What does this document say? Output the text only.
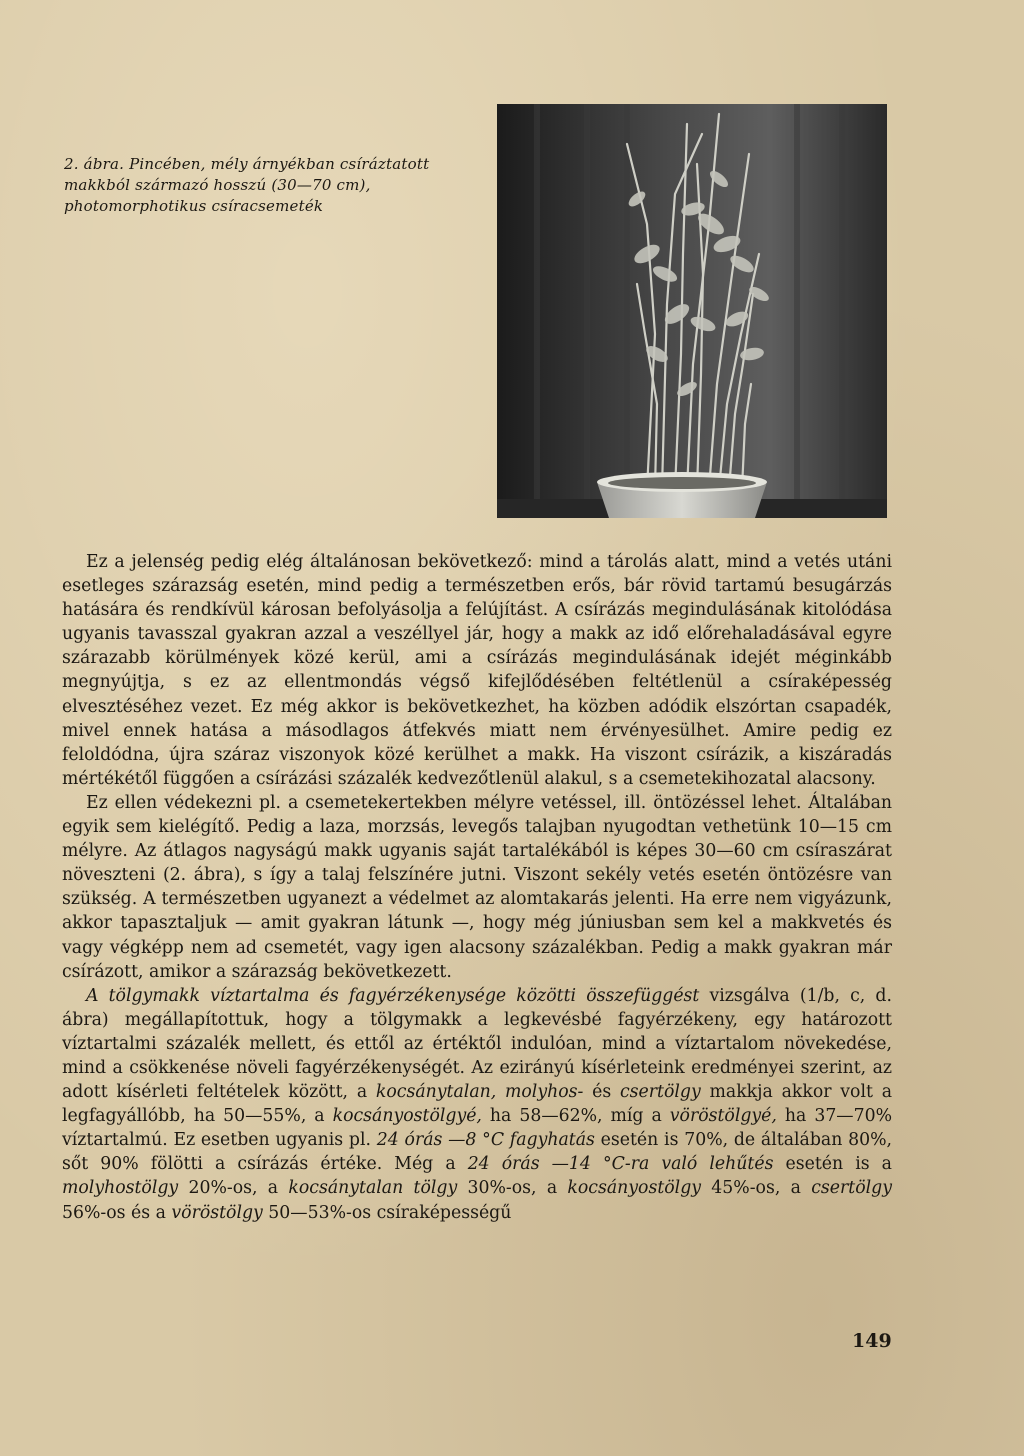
2. ábra. Pincében, mély árnyékban csíráztatott makkból származó hosszú (30—70 cm), photomorphotikus csíracsemeték

Ez a jelenség pedig elég általánosan bekövetkező: mind a tárolás alatt, mind a vetés utáni esetleges szárazság esetén, mind pedig a természetben erős, bár rövid tartamú besugárzás hatására és rendkívül károsan befolyásolja a felújítást. A csírázás megindulásának kitolódása ugyanis tavasszal gyakran azzal a veszéllyel jár, hogy a makk az idő előrehaladásával egyre szárazabb körülmények közé kerül, ami a csírázás megindulásának idejét méginkább megnyújtja, s ez az ellentmondás végső kifejlődésében feltétlenül a csíraképesség elvesztéséhez vezet. Ez még akkor is bekövetkezhet, ha közben adódik elszórtan csapadék, mivel ennek hatása a másodlagos átfekvés miatt nem érvényesülhet. Amire pedig ez feloldódna, újra száraz viszonyok közé kerülhet a makk. Ha viszont csírázik, a kiszáradás mértékétől függően a csírázási százalék kedvezőtlenül alakul, s a csemetekihozatal alacsony.

Ez ellen védekezni pl. a csemetekertekben mélyre vetéssel, ill. öntözéssel lehet. Általában egyik sem kielégítő. Pedig a laza, morzsás, levegős talajban nyugodtan vethetünk 10—15 cm mélyre. Az átlagos nagyságú makk ugyanis saját tartalékából is képes 30—60 cm csíraszárat növeszteni (2. ábra), s így a talaj felszínére jutni. Viszont sekély vetés esetén öntözésre van szükség. A természetben ugyanezt a védelmet az alomtakarás jelenti. Ha erre nem vigyázunk, akkor tapasztaljuk — amit gyakran látunk —, hogy még júniusban sem kel a makkvetés és vagy végképp nem ad csemetét, vagy igen alacsony százalékban. Pedig a makk gyakran már csírázott, amikor a szárazság bekövetkezett.

A tölgymakk víztartalma és fagyérzékenysége közötti összefüggést vizsgálva (1/b, c, d. ábra) megállapítottuk, hogy a tölgymakk a legkevésbé fagyérzékeny, egy határozott víztartalmi százalék mellett, és ettől az értéktől indulóan, mind a víztartalom növekedése, mind a csökkenése növeli fagyérzékenységét. Az ezirányú kísérleteink eredményei szerint, az adott kísérleti feltételek között, a kocsánytalan, molyhos- és csertölgy makkja akkor volt a legfagyállóbb, ha 50—55%, a kocsányostölgyé, ha 58—62%, míg a vöröstölgyé, ha 37—70% víztartalmú. Ez esetben ugyanis pl. 24 órás —8 °C fagyhatás esetén is 70%, de általában 80%, sőt 90% fölötti a csírázás értéke. Még a 24 órás —14 °C-ra való lehűtés esetén is a molyhostölgy 20%-os, a kocsánytalan tölgy 30%-os, a kocsányostölgy 45%-os, a csertölgy 56%-os és a vöröstölgy 50—53%-os csíraképességű

149
